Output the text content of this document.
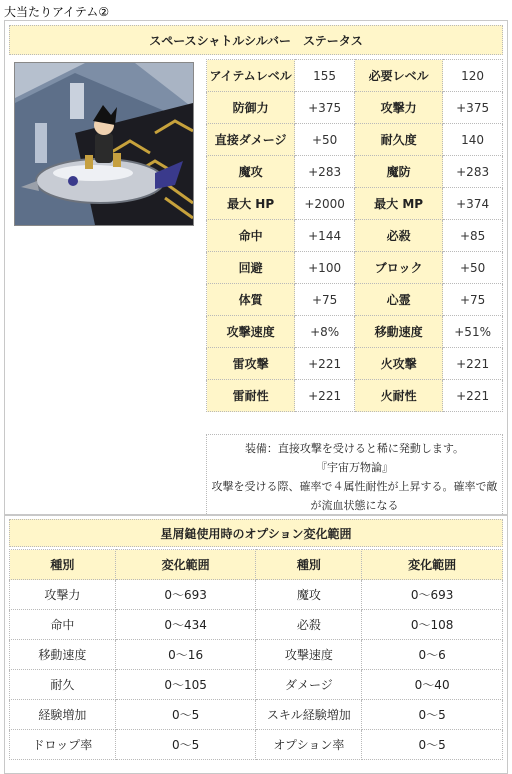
大当たりアイテム②
スペースシャトルシルバー　ステータス
アイテムレベル	155	必要レベル	120
防御力	+375	攻撃力	+375
直接ダメージ	+50	耐久度	140
魔攻	+283	魔防	+283
最大 HP	+2000	最大 MP	+374
命中	+144	必殺	+85
回避	+100	ブロック	+50
体質	+75	心霊	+75
攻撃速度	+8%	移動速度	+51%
雷攻撃	+221	火攻撃	+221
雷耐性	+221	火耐性	+221
装備：直接攻撃を受けると稀に発動します。
『宇宙万物論』
攻撃を受ける際、確率で４属性耐性が上昇する。確率で敵
が流血状態になる
星屑鎚使用時のオプション変化範囲
種別	変化範囲	種別	変化範囲
攻撃力	0～693	魔攻	0～693
命中	0～434	必殺	0～108
移動速度	0～16	攻撃速度	0～6
耐久	0～105	ダメージ	0～40
経験増加	0～5	スキル経験増加	0～5
ドロップ率	0～5	オプション率	0～5
